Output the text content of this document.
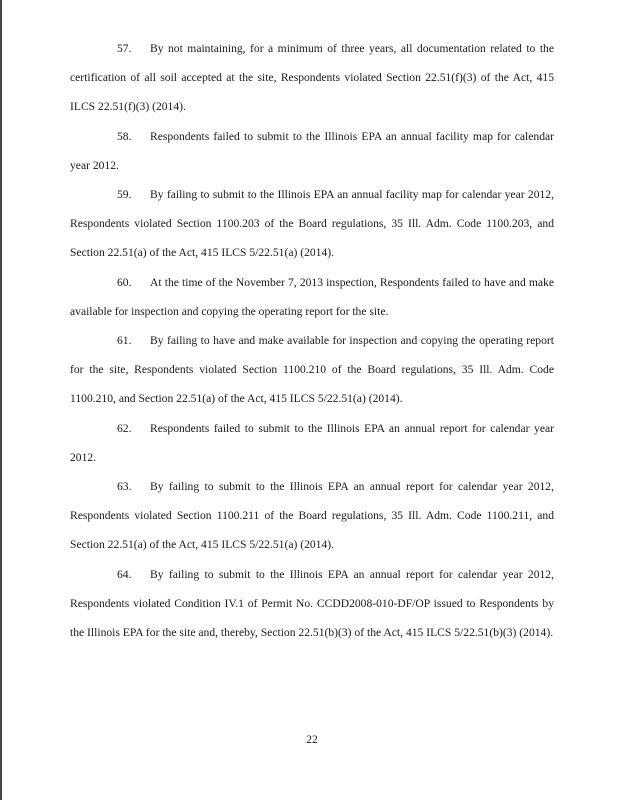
57. By not maintaining, for a minimum of three years, all documentation related to the certification of all soil accepted at the site, Respondents violated Section 22.51(f)(3) of the Act, 415 ILCS 22.51(f)(3) (2014).

58. Respondents failed to submit to the Illinois EPA an annual facility map for calendar year 2012.

59. By failing to submit to the Illinois EPA an annual facility map for calendar year 2012, Respondents violated Section 1100.203 of the Board regulations, 35 Ill. Adm. Code 1100.203, and Section 22.51(a) of the Act, 415 ILCS 5/22.51(a) (2014).

60. At the time of the November 7, 2013 inspection, Respondents failed to have and make available for inspection and copying the operating report for the site.

61. By failing to have and make available for inspection and copying the operating report for the site, Respondents violated Section 1100.210 of the Board regulations, 35 Ill. Adm. Code 1100.210, and Section 22.51(a) of the Act, 415 ILCS 5/22.51(a) (2014).

62. Respondents failed to submit to the Illinois EPA an annual report for calendar year 2012.

63. By failing to submit to the Illinois EPA an annual report for calendar year 2012, Respondents violated Section 1100.211 of the Board regulations, 35 Ill. Adm. Code 1100.211, and Section 22.51(a) of the Act, 415 ILCS 5/22.51(a) (2014).

64. By failing to submit to the Illinois EPA an annual report for calendar year 2012, Respondents violated Condition IV.1 of Permit No. CCDD2008-010-DF/OP issued to Respondents by the Illinois EPA for the site and, thereby, Section 22.51(b)(3) of the Act, 415 ILCS 5/22.51(b)(3) (2014).

22
